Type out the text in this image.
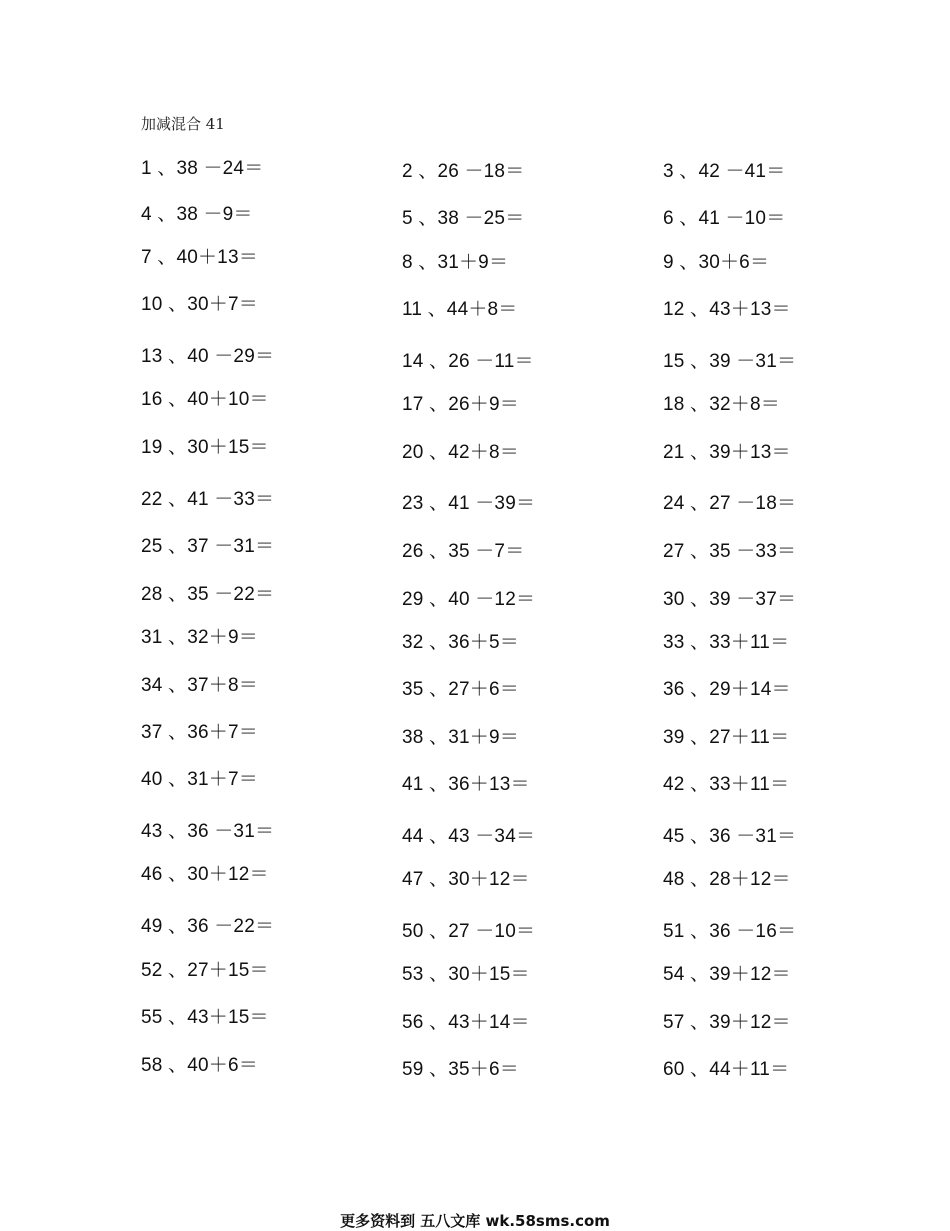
加减混合 41
1 、38 －24＝	2 、26 －18＝	3 、42 －41＝
4 、38 －9＝	5 、38 －25＝	6 、41 －10＝
7 、40＋13＝	8 、31＋9＝	9 、30＋6＝
10 、30＋7＝	11 、44＋8＝	12 、43＋13＝
13 、40 －29＝	14 、26 －11＝	15 、39 －31＝
16 、40＋10＝	17 、26＋9＝	18 、32＋8＝
19 、30＋15＝	20 、42＋8＝	21 、39＋13＝
22 、41 －33＝	23 、41 －39＝	24 、27 －18＝
25 、37 －31＝	26 、35 －7＝	27 、35 －33＝
28 、35 －22＝	29 、40 －12＝	30 、39 －37＝
31 、32＋9＝	32 、36＋5＝	33 、33＋11＝
34 、37＋8＝	35 、27＋6＝	36 、29＋14＝
37 、36＋7＝	38 、31＋9＝	39 、27＋11＝
40 、31＋7＝	41 、36＋13＝	42 、33＋11＝
43 、36 －31＝	44 、43 －34＝	45 、36 －31＝
46 、30＋12＝	47 、30＋12＝	48 、28＋12＝
49 、36 －22＝	50 、27 －10＝	51 、36 －16＝
52 、27＋15＝	53 、30＋15＝	54 、39＋12＝
55 、43＋15＝	56 、43＋14＝	57 、39＋12＝
58 、40＋6＝	59 、35＋6＝	60 、44＋11＝
更多资料到 五八文库 wk.58sms.com
